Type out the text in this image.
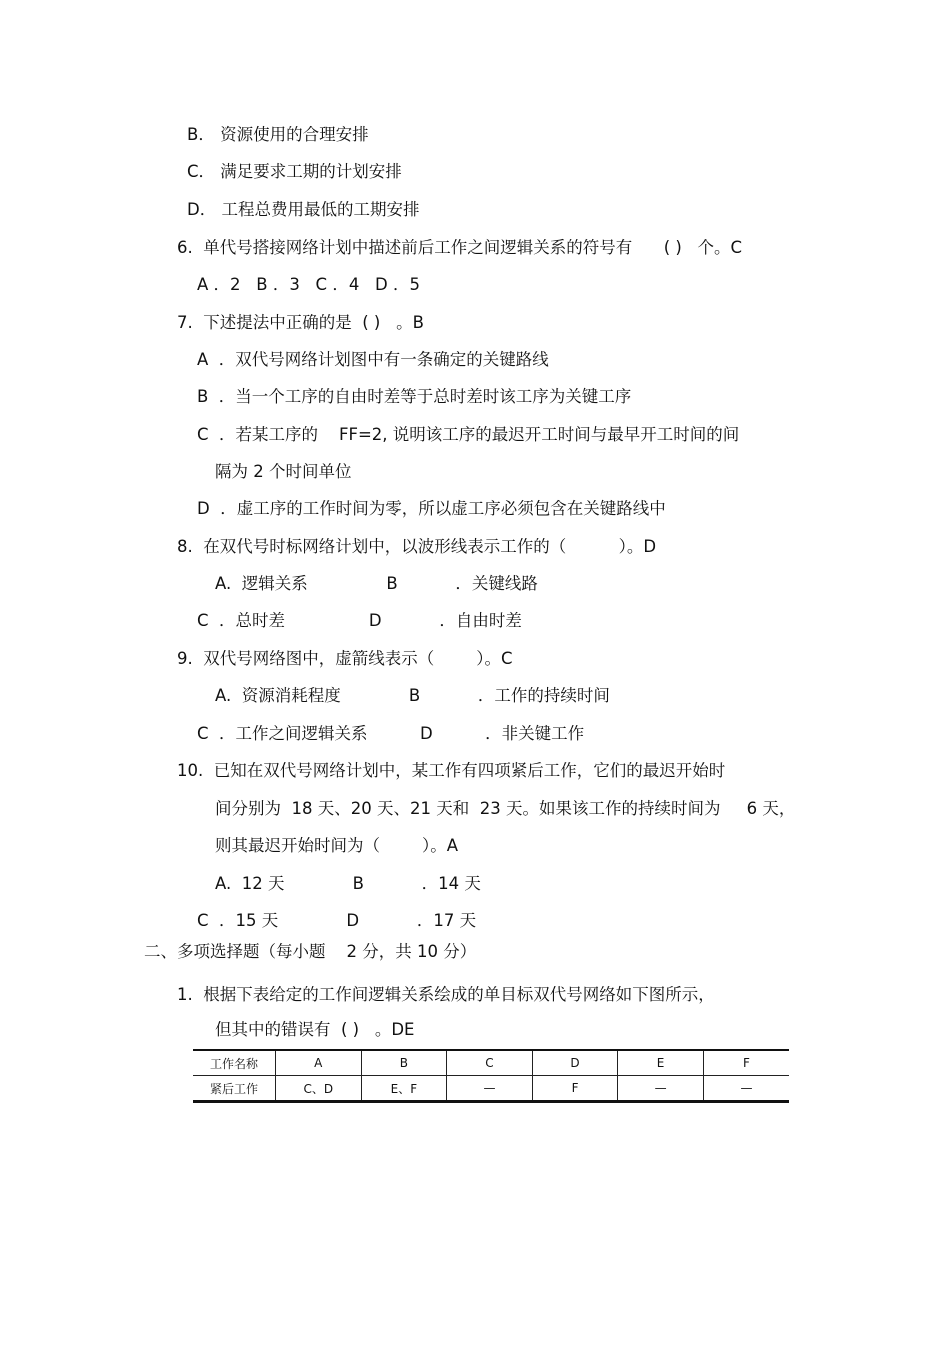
B． 资源使用的合理安排
C． 满足要求工期的计划安排
D． 工程总费用最低的工期安排
6.  单代号搭接网络计划中描述前后工作之间逻辑关系的符号有      ( )   个。C
A ．2   B ．3   C ．4   D ．5
7.  下述提法中正确的是  ( )   。B
A  ．双代号网络计划图中有一条确定的关键路线
B  ．当一个工序的自由时差等于总时差时该工序为关键工序
C  ．若某工序的    FF=2, 说明该工序的最迟开工时间与最早开工时间的间
隔为 2 个时间单位
D  ．虚工序的工作时间为零，所以虚工序必须包含在关键路线中
8.  在双代号时标网络计划中，以波形线表示工作的（          ）。D
A.  逻辑关系               B           ．关键线路
C  ．总时差                D           ．自由时差
9.  双代号网络图中，虚箭线表示（        ）。C
A.  资源消耗程度             B           ．工作的持续时间
C  ．工作之间逻辑关系          D          ．非关键工作
10.  已知在双代号网络计划中，某工作有四项紧后工作，它们的最迟开始时
间分别为  18 天、20 天、21 天和  23 天。如果该工作的持续时间为     6 天，
则其最迟开始时间为（        ）。A
A.  12 天             B           ．14 天
C  ．15 天             D           ．17 天
二、多项选择题（每小题    2 分，共 10 分）
1.  根据下表给定的工作间逻辑关系绘成的单目标双代号网络如下图所示，
但其中的错误有  ( )   。DE
工作名称	A	B	C	D	E	F
紧后工作	C、D	E、F	—	F	—	—
